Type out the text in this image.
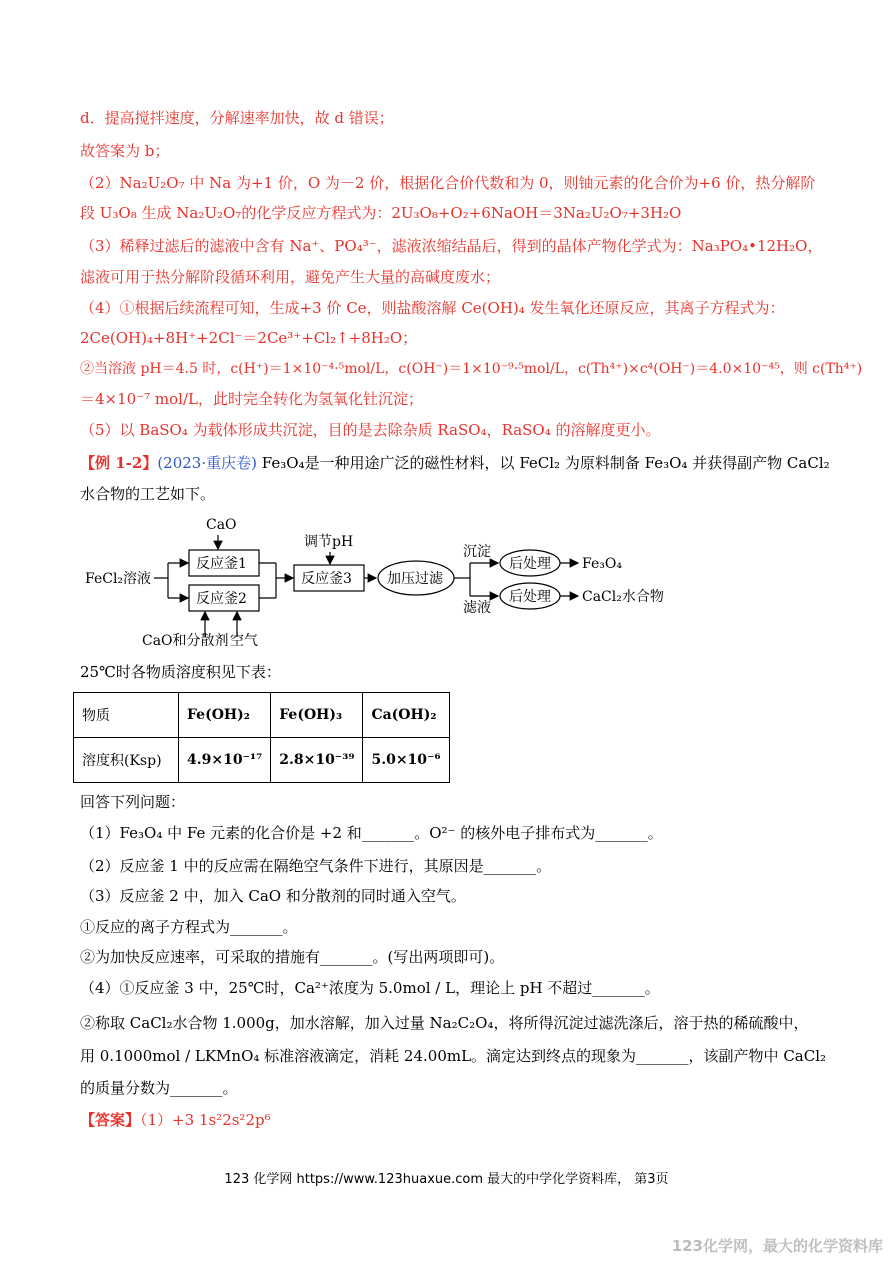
d．提高搅拌速度，分解速率加快，故 d 错误；
故答案为 b；
（2）Na₂U₂O₇ 中 Na 为+1 价，O 为－2 价，根据化合价代数和为 0，则铀元素的化合价为+6 价，热分解阶
段 U₃O₈ 生成 Na₂U₂O₇的化学反应方程式为：2U₃O₈+O₂+6NaOH＝3Na₂U₂O₇+3H₂O
（3）稀释过滤后的滤液中含有 Na⁺、PO₄³⁻，滤液浓缩结晶后，得到的晶体产物化学式为：Na₃PO₄•12H₂O，
滤液可用于热分解阶段循环利用，避免产生大量的高碱度废水；
（4）①根据后续流程可知，生成+3 价 Ce，则盐酸溶解 Ce(OH)₄ 发生氧化还原反应，其离子方程式为：
2Ce(OH)₄+8H⁺+2Cl⁻＝2Ce³⁺+Cl₂↑+8H₂O；
②当溶液 pH＝4.5 时，c(H⁺)＝1×10⁻⁴·⁵mol/L，c(OH⁻)＝1×10⁻⁹·⁵mol/L，c(Th⁴⁺)×c⁴(OH⁻)＝4.0×10⁻⁴⁵，则 c(Th⁴⁺)
＝4×10⁻⁷ mol/L，此时完全转化为氢氧化钍沉淀；
（5）以 BaSO₄ 为载体形成共沉淀，目的是去除杂质 RaSO₄，RaSO₄ 的溶解度更小。
【例 1-2】(2023·重庆卷) Fe₃O₄是一种用途广泛的磁性材料，以 FeCl₂ 为原料制备 Fe₃O₄ 并获得副产物 CaCl₂
水合物的工艺如下。
CaO
调节pH
沉淀
FeCl₂溶液
反应釜1
反应釜2
反应釜3	加压过滤
后处理
后处理
Fe₃O₄
CaCl₂水合物
滤液
CaO和分散剂 空气
25℃时各物质溶度积见下表：
物质	Fe(OH)₂	Fe(OH)₃	Ca(OH)₂
溶度积(Ksp)	4.9×10⁻¹⁷	2.8×10⁻³⁹	5.0×10⁻⁶
回答下列问题：
（1）Fe₃O₄ 中 Fe 元素的化合价是 +2 和_______。O²⁻ 的核外电子排布式为_______。
（2）反应釜 1 中的反应需在隔绝空气条件下进行，其原因是_______。
（3）反应釜 2 中，加入 CaO 和分散剂的同时通入空气。
①反应的离子方程式为_______。
②为加快反应速率，可采取的措施有_______。(写出两项即可)。
（4）①反应釜 3 中，25℃时，Ca²⁺浓度为 5.0mol / L，理论上 pH 不超过_______。
②称取 CaCl₂水合物 1.000g，加水溶解，加入过量 Na₂C₂O₄，将所得沉淀过滤洗涤后，溶于热的稀硫酸中，
用 0.1000mol / LKMnO₄ 标准溶液滴定，消耗 24.00mL。滴定达到终点的现象为_______，该副产物中 CaCl₂
的质量分数为_______。
【答案】（1）+3 1s²2s²2p⁶
123 化学网 https://www.123huaxue.com 最大的中学化学资料库， 第3页
123化学网，最大的化学资料库
